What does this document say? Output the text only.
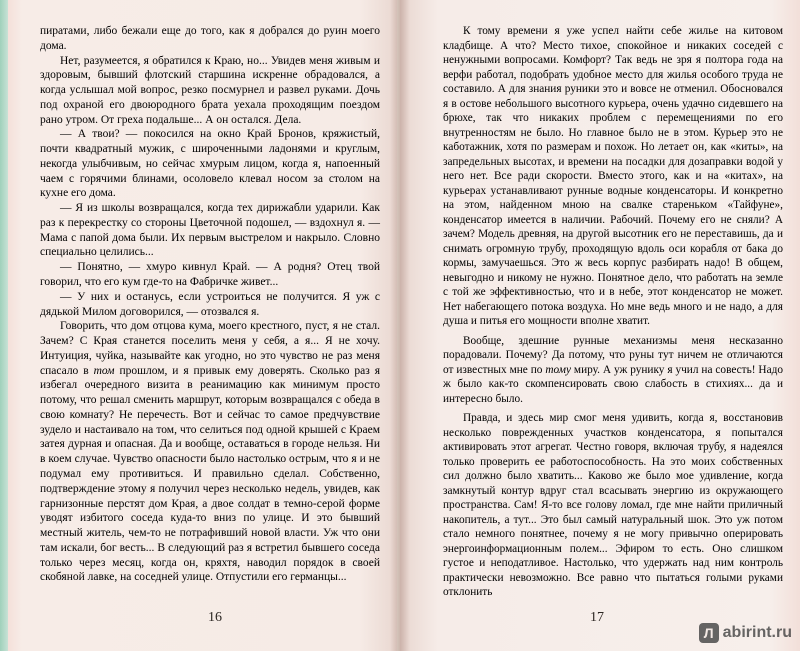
пиратами, либо бежали еще до того, как я добрался до руин моего дома.

Нет, разумеется, я обратился к Краю, но... Увидев меня живым и здоровым, бывший флотский старшина искренне обрадовался, а когда услышал мой вопрос, резко посмурнел и развел руками. Дочь под охраной его двоюродного брата уехала проходящим поездом рано утром. От греха подальше... А он остался. Дела.

— А твои? — покосился на окно Край Бронов, кряжистый, почти квадратный мужик, с широченными ладонями и круглым, некогда улыбчивым, но сейчас хмурым лицом, когда я, напоенный чаем с горячими блинами, осоловело клевал носом за столом на кухне его дома.

— Я из школы возвращался, когда тех дирижабли ударили. Как раз к перекрестку со стороны Цветочной подошел, — вздохнул я. — Мама с папой дома были. Их первым выстрелом и накрыло. Словно специально целились...

— Понятно, — хмуро кивнул Край. — А родня? Отец твой говорил, что его кум где-то на Фабричке живет...

— У них и останусь, если устроиться не получится. Я уж с дядькой Милом договорился, — отозвался я.

Говорить, что дом отцова кума, моего крестного, пуст, я не стал. Зачем? С Края станется поселить меня у себя, а я... Я не хочу. Интуиция, чуйка, называйте как угодно, но это чувство не раз меня спасало в том прошлом, и я привык ему доверять. Сколько раз я избегал очередного визита в реанимацию как минимум просто потому, что решал сменить маршрут, которым возвращался с обеда в свою комнату? Не перечесть. Вот и сейчас то самое предчувствие зудело и настаивало на том, что селиться под одной крышей с Краем затея дурная и опасная. Да и вообще, оставаться в городе нельзя. Ни в коем случае. Чувство опасности было настолько острым, что я и не подумал ему противиться. И правильно сделал. Собственно, подтверждение этому я получил через несколько недель, увидев, как гарнизонные перстят дом Края, а двое солдат в темно-серой форме уводят избитого соседа куда-то вниз по улице. И это бывший местный житель, чем-то не потрафивший новой власти. Уж что они там искали, бог весть... В следующий раз я встретил бывшего соседа только через месяц, когда он, кряхтя, наводил порядок в своей скобяной лавке, на соседней улице. Отпустили его германцы...

К тому времени я уже успел найти себе жилье на китовом кладбище. А что? Место тихое, спокойное и никаких соседей с ненужными вопросами. Комфорт? Так ведь не зря я полтора года на верфи работал, подобрать удобное место для жилья особого труда не составило. А для знания руники это и вовсе не отменил. Обосновался я в остове небольшого высотного курьера, очень удачно сидевшего на брюхе, так что никаких проблем с перемещениями по его внутренностям не было. Но главное было не в этом. Курьер это не каботажник, хотя по размерам и похож. Но летает он, как «киты», на запредельных высотах, и времени на посадки для дозаправки водой у него нет. Все ради скорости. Вместо этого, как и на «китах», на курьерах устанавливают рунные водные конденсаторы. И конкретно на этом, найденном мною на свалке стареньком «Тайфуне», конденсатор имеется в наличии. Рабочий. Почему его не сняли? А зачем? Модель древняя, на другой высотник его не переставишь, да и снимать огромную трубу, проходящую вдоль оси корабля от бака до кормы, замучаешься. Это ж весь корпус разбирать надо! В общем, невыгодно и никому не нужно. Понятное дело, что работать на земле с той же эффективностью, что и в небе, этот конденсатор не может. Нет набегающего потока воздуха. Но мне ведь много и не надо, а для душа и питья его мощности вполне хватит.

Вообще, здешние рунные механизмы меня несказанно порадовали. Почему? Да потому, что руны тут ничем не отличаются от известных мне по тому миру. А уж рунику я учил на совесть! Надо ж было как-то скомпенсировать свою слабость в стихиях... да и интересно было.

Правда, и здесь мир смог меня удивить, когда я, восстановив несколько поврежденных участков конденсатора, я попытался активировать этот агрегат. Честно говоря, включая трубу, я надеялся только проверить ее работоспособность. На это моих собственных сил должно было хватить... Каково же было мое удивление, когда замкнутый контур вдруг стал всасывать энергию из окружающего пространства. Сам! Я-то все голову ломал, где мне найти приличный накопитель, а тут... Это был самый натуральный шок. Это уж потом стало немного понятнее, почему я не могу привычно оперировать энергоинформационным полем... Эфиром то есть. Оно слишком густое и неподатливое. Настолько, что удержать над ним контроль практически невозможно. Все равно что пытаться голыми руками отклонить

16	17
Л abirint.ru
